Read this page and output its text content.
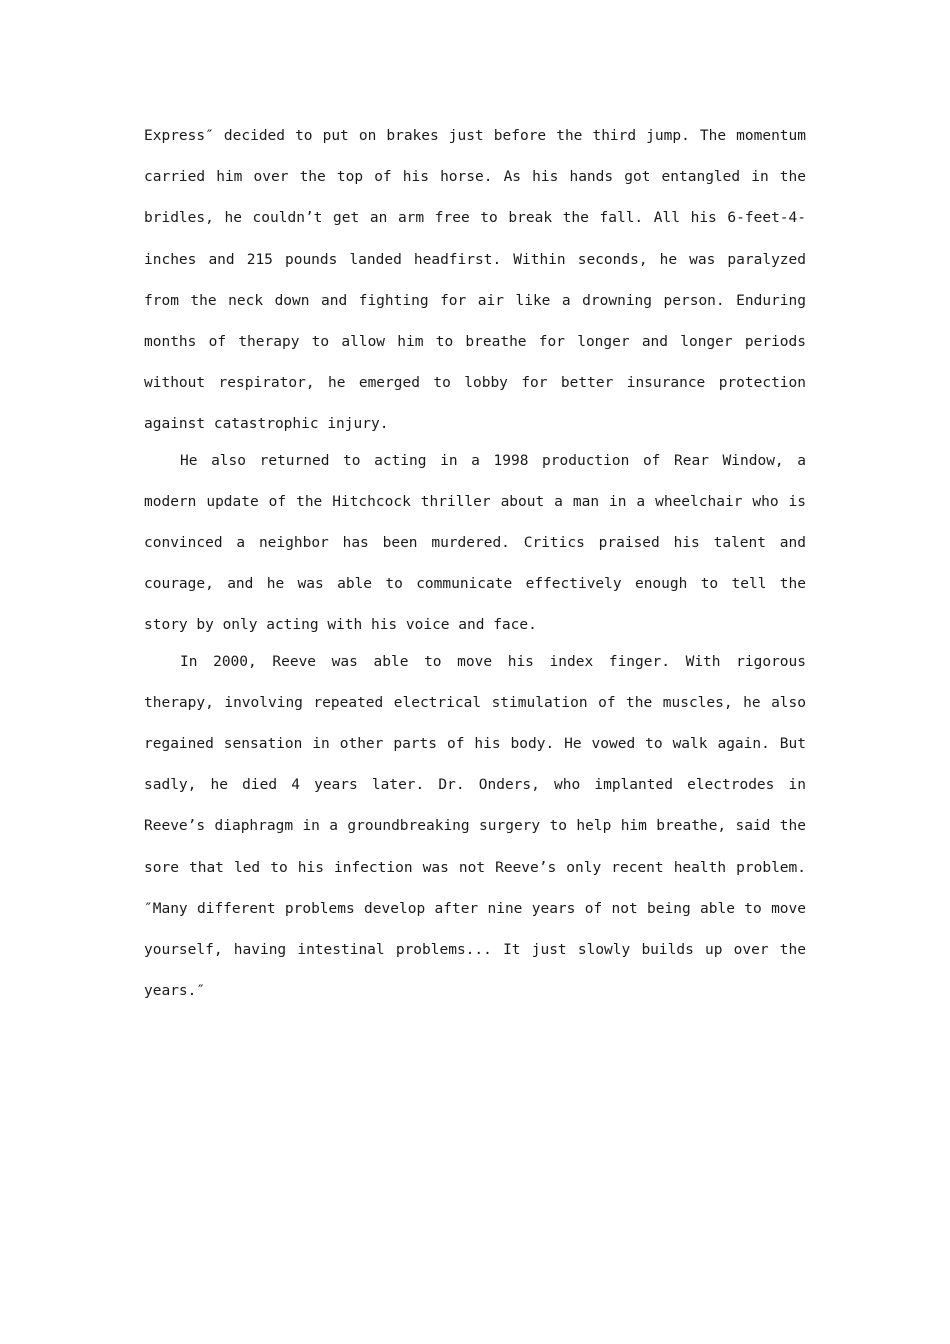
Express″ decided to put on brakes just before the third jump. The momentum carried him over the top of his horse. As his hands got entangled in the bridles, he couldn’t get an arm free to break the fall. All his 6-feet-4-inches and 215 pounds landed headfirst. Within seconds, he was paralyzed from the neck down and fighting for air like a drowning person. Enduring months of therapy to allow him to breathe for longer and longer periods without respirator, he emerged to lobby for better insurance protection against catastrophic injury.

He also returned to acting in a 1998 production of Rear Window, a modern update of the Hitchcock thriller about a man in a wheelchair who is convinced a neighbor has been murdered. Critics praised his talent and courage, and he was able to communicate effectively enough to tell the story by only acting with his voice and face.

In 2000, Reeve was able to move his index finger. With rigorous therapy, involving repeated electrical stimulation of the muscles, he also regained sensation in other parts of his body. He vowed to walk again. But sadly, he died 4 years later. Dr. Onders, who implanted electrodes in Reeve’s diaphragm in a groundbreaking surgery to help him breathe, said the sore that led to his infection was not Reeve’s only recent health problem. ″Many different problems develop after nine years of not being able to move yourself, having intestinal problems... It just slowly builds up over the years.″
